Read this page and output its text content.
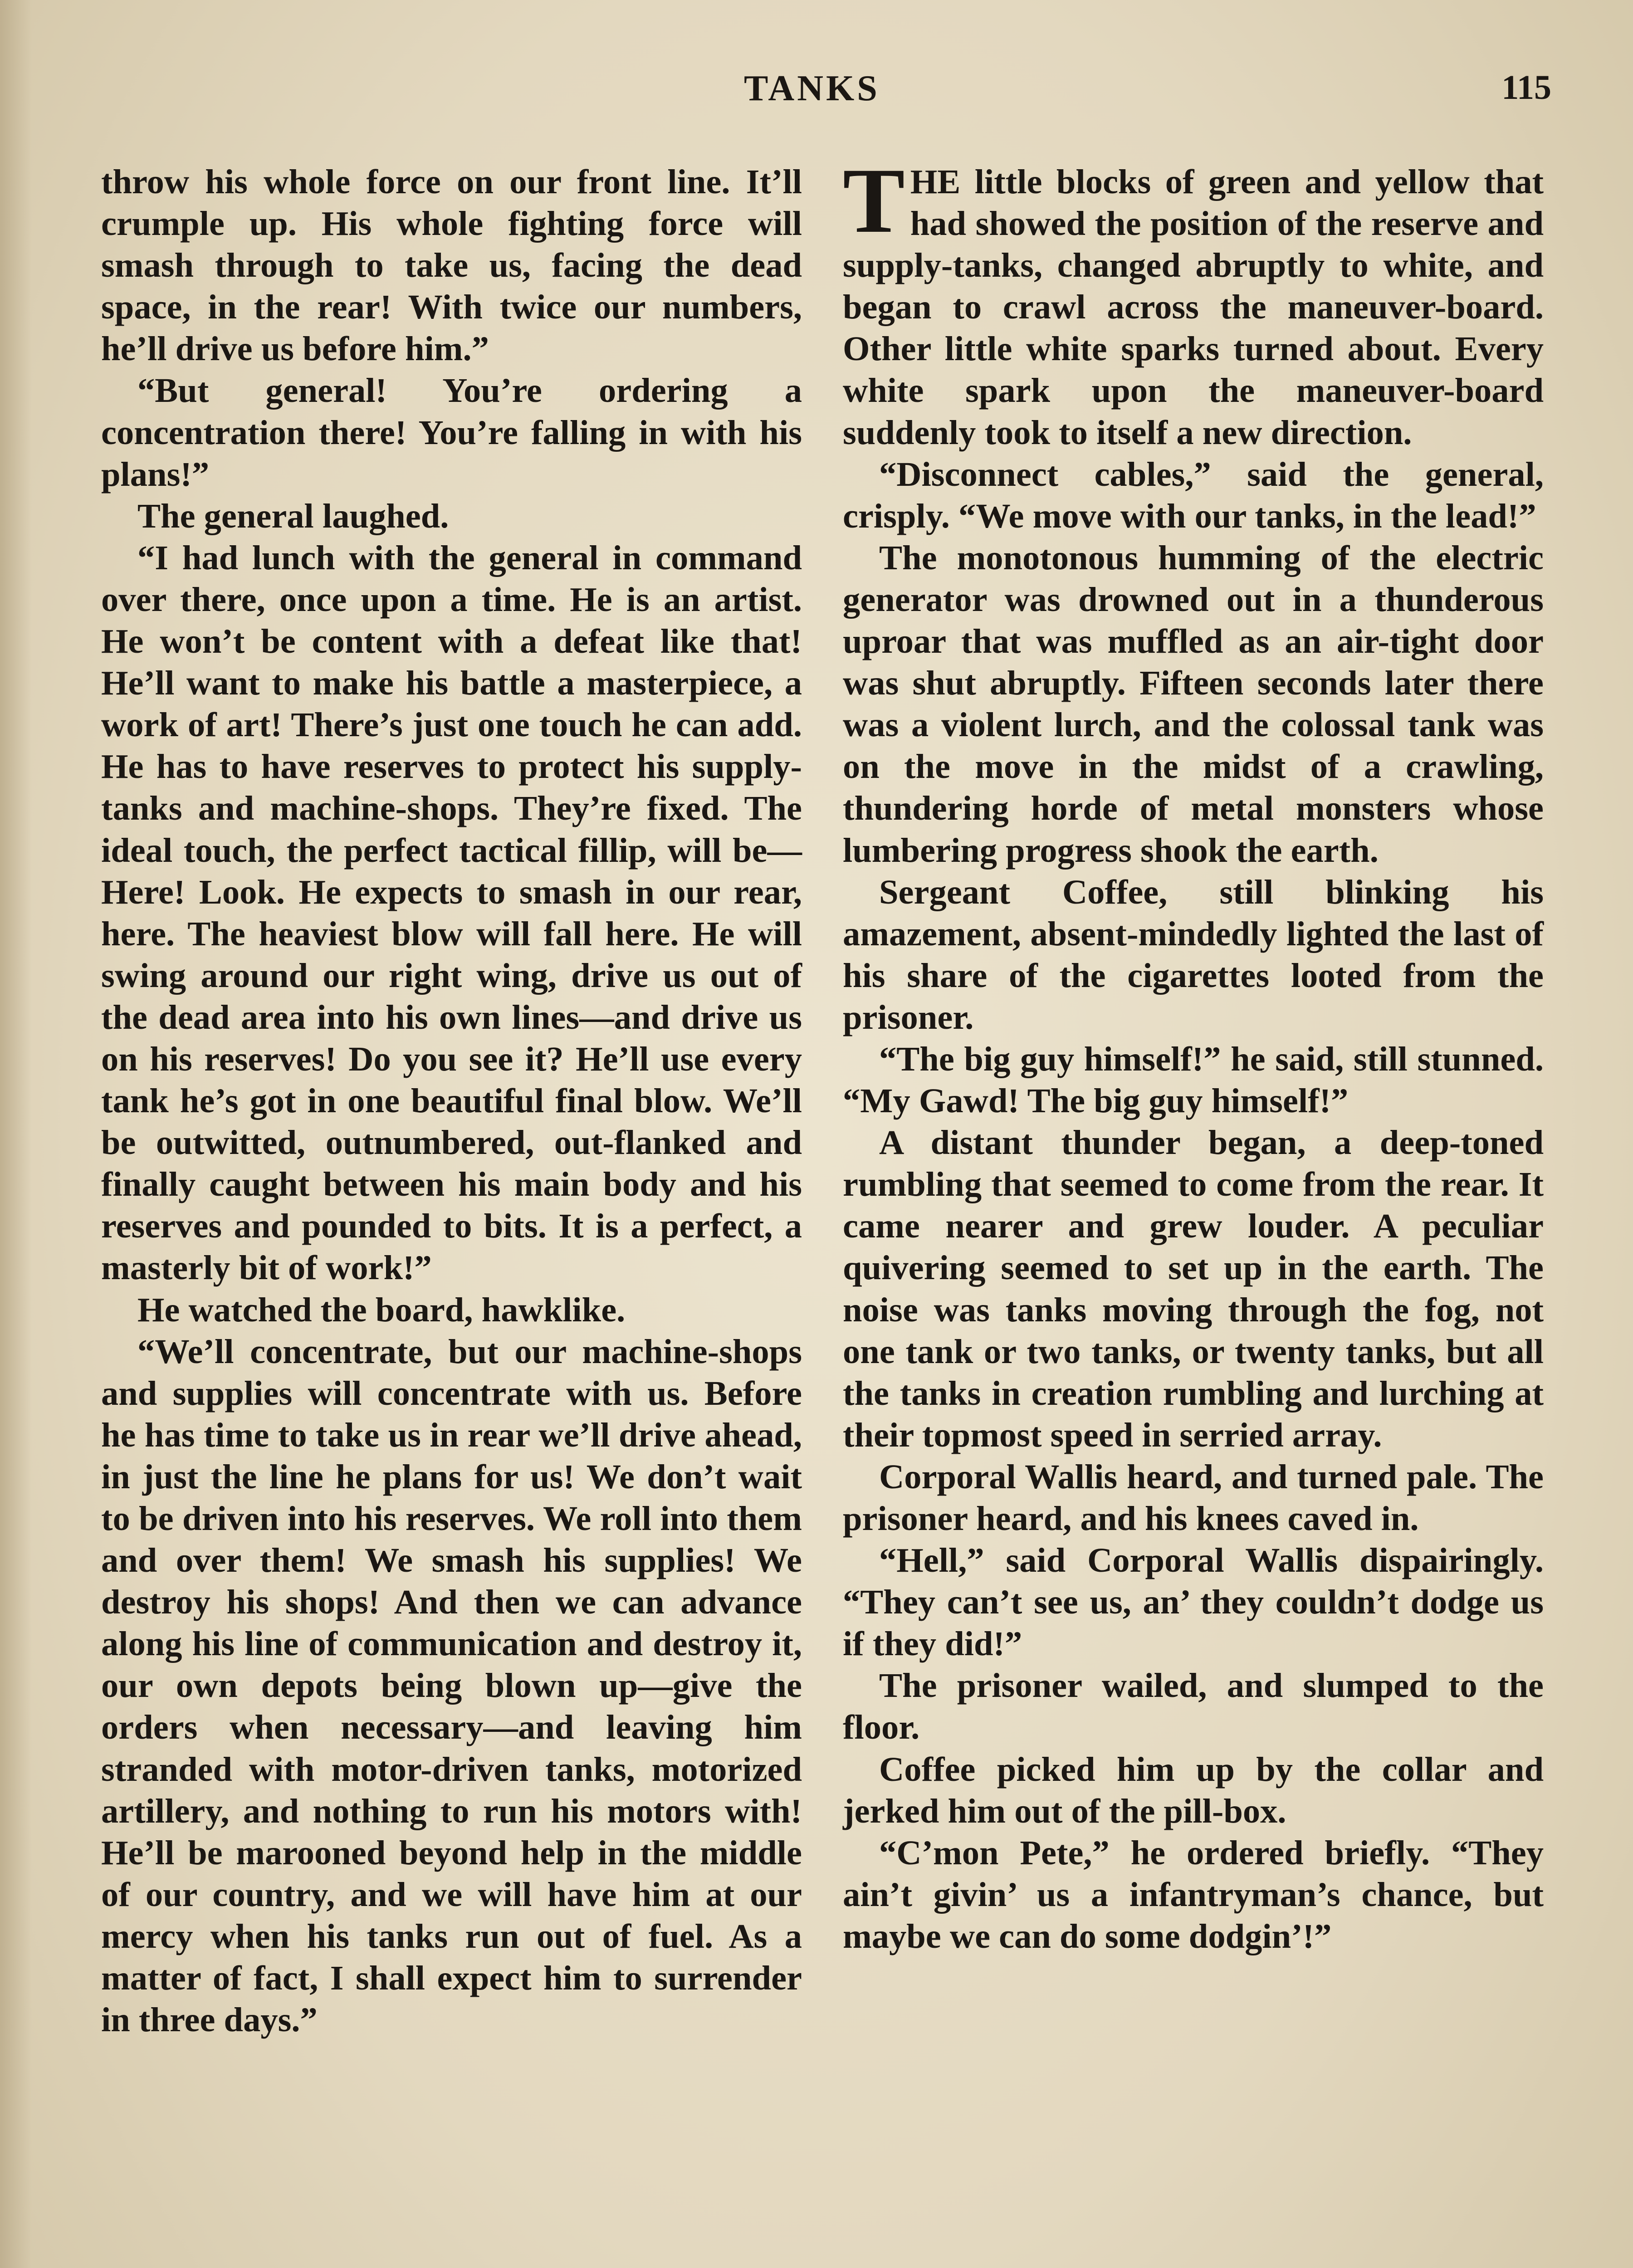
TANKS	115

throw his whole force on our front line. It’ll crumple up. His whole fighting force will smash through to take us, facing the dead space, in the rear! With twice our numbers, he’ll drive us before him.”

“But general! You’re ordering a concentration there! You’re falling in with his plans!”

The general laughed.

“I had lunch with the general in command over there, once upon a time. He is an artist. He won’t be content with a defeat like that! He’ll want to make his battle a masterpiece, a work of art! There’s just one touch he can add. He has to have reserves to protect his supply-tanks and machine-shops. They’re fixed. The ideal touch, the perfect tactical fillip, will be—Here! Look. He expects to smash in our rear, here. The heaviest blow will fall here. He will swing around our right wing, drive us out of the dead area into his own lines—and drive us on his reserves! Do you see it? He’ll use every tank he’s got in one beautiful final blow. We’ll be outwitted, outnumbered, out-flanked and finally caught between his main body and his reserves and pounded to bits. It is a perfect, a masterly bit of work!”

He watched the board, hawklike.

“We’ll concentrate, but our machine-shops and supplies will concentrate with us. Before he has time to take us in rear we’ll drive ahead, in just the line he plans for us! We don’t wait to be driven into his reserves. We roll into them and over them! We smash his supplies! We destroy his shops! And then we can advance along his line of communication and destroy it, our own depots being blown up—give the orders when necessary—and leaving him stranded with motor-driven tanks, motorized artillery, and nothing to run his motors with! He’ll be marooned beyond help in the middle of our country, and we will have him at our mercy when his tanks run out of fuel. As a matter of fact, I shall expect him to surrender in three days.”

THE little blocks of green and yellow that had showed the position of the reserve and supply-tanks, changed abruptly to white, and began to crawl across the maneuver-board. Other little white sparks turned about. Every white spark upon the maneuver-board suddenly took to itself a new direction.

“Disconnect cables,” said the general, crisply. “We move with our tanks, in the lead!”

The monotonous humming of the electric generator was drowned out in a thunderous uproar that was muffled as an air-tight door was shut abruptly. Fifteen seconds later there was a violent lurch, and the colossal tank was on the move in the midst of a crawling, thundering horde of metal monsters whose lumbering progress shook the earth.

Sergeant Coffee, still blinking his amazement, absent-mindedly lighted the last of his share of the cigarettes looted from the prisoner.

“The big guy himself!” he said, still stunned. “My Gawd! The big guy himself!”

A distant thunder began, a deep-toned rumbling that seemed to come from the rear. It came nearer and grew louder. A peculiar quivering seemed to set up in the earth. The noise was tanks moving through the fog, not one tank or two tanks, or twenty tanks, but all the tanks in creation rumbling and lurching at their topmost speed in serried array.

Corporal Wallis heard, and turned pale. The prisoner heard, and his knees caved in.

“Hell,” said Corporal Wallis dispairingly. “They can’t see us, an’ they couldn’t dodge us if they did!”

The prisoner wailed, and slumped to the floor.

Coffee picked him up by the collar and jerked him out of the pill-box.

“C’mon Pete,” he ordered briefly. “They ain’t givin’ us a infantryman’s chance, but maybe we can do some dodgin’!”
